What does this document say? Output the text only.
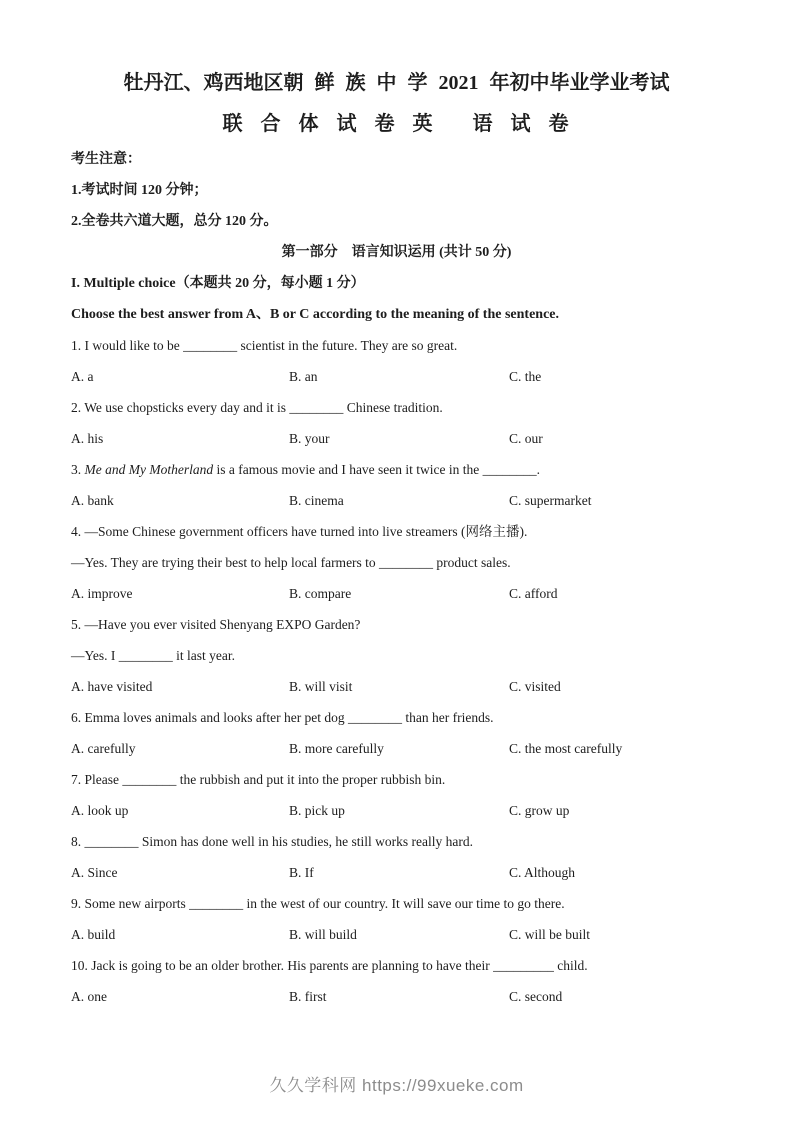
牡丹江、鸡西地区朝 鲜 族 中 学 2021 年初中毕业学业考试
联 合 体 试 卷 英　 语 试 卷
考生注意：
1.考试时间 120 分钟；
2.全卷共六道大题，总分 120 分。
第一部分　语言知识运用 (共计 50 分)
I. Multiple choice（本题共 20 分，每小题 1 分）
Choose the best answer from A、B or C according to the meaning of the sentence.
1. I would like to be ________ scientist in the future. They are so great.
A. a	B. an	C. the
2. We use chopsticks every day and it is ________ Chinese tradition.
A. his	B. your	C. our
3. Me and My Motherland is a famous movie and I have seen it twice in the ________.
A. bank	B. cinema	C. supermarket
4. —Some Chinese government officers have turned into live streamers (网络主播).
—Yes. They are trying their best to help local farmers to ________ product sales.
A. improve	B. compare	C. afford
5. —Have you ever visited Shenyang EXPO Garden?
—Yes. I ________ it last year.
A. have visited	B. will visit	C. visited
6. Emma loves animals and looks after her pet dog ________ than her friends.
A. carefully	B. more carefully	C. the most carefully
7. Please ________ the rubbish and put it into the proper rubbish bin.
A. look up	B. pick up	C. grow up
8. ________ Simon has done well in his studies, he still works really hard.
A. Since	B. If	C. Although
9. Some new airports ________ in the west of our country. It will save our time to go there.
A. build	B. will build	C. will be built
10. Jack is going to be an older brother. His parents are planning to have their _________ child.
A. one	B. first	C. second
久久学科网 https://99xueke.com
